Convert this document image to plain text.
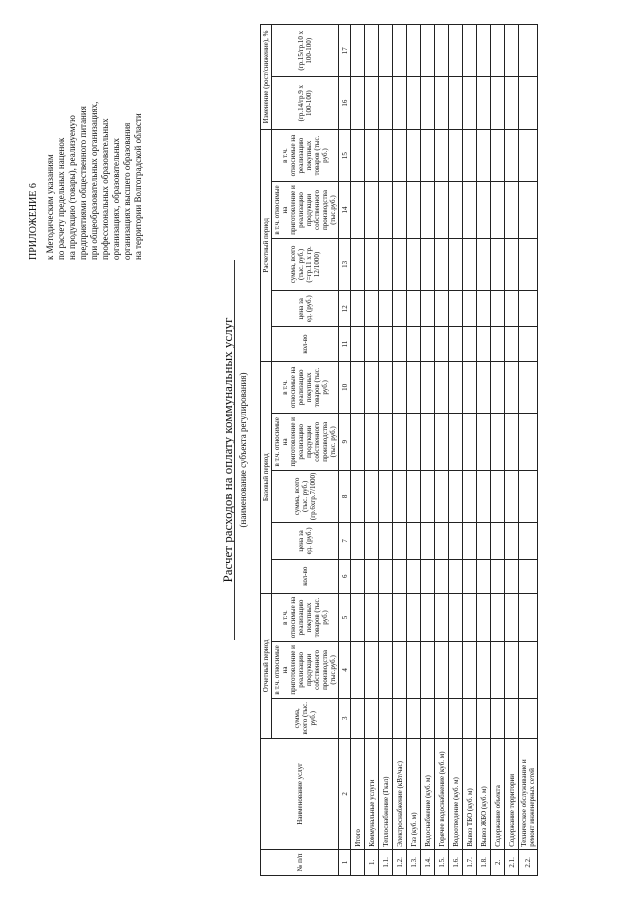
ПРИЛОЖЕНИЕ 6 к Методическим указаниям по расчету предельных наценок на продукцию (товары), реализуемую предприятиями общественного питания при общеобразовательных организациях, профессиональных образовательных организациях, образовательных организациях высшего образования на территории Волгоградской области
Расчет расходов на оплату коммунальных услуг (наименование субъекта регулирования)
№ п/п	Наименование услуг	Отчетный период			Базовый период					Расчетный период					Изменение (рост/снижение), %	
		сумма, всего (тыс. руб.)	в т.ч. относимые на приготовление и реализацию продукции собственного производства (тыс.руб.)	в т.ч. относимые на реализацию покупных товаров (тыс. руб.)	кол-во	цена за ед. (руб.)	сумма, всего (тыс. руб.) (гр.6хгр.7/1000)	в т.ч. относимые на приготовление и реализацию продукции собственного производства (тыс. руб.)	в т.ч. относимые на реализацию покупных товаров (тыс. руб.)	кол-во	цена за ед. (руб.)	сумма, всего (тыс. руб.) (=гр.11 x гр. 12/1000)	в т.ч. относимые на приготовление и реализацию продукции собственного производства (тыс.руб.)	в т.ч. относимые на реализацию покупных товаров (тыс. руб.)	(гр.14/гр.9 x 100-100)	(гр.15/гр.10 x 100-100)
1	2	3	4	5	6	7	8	9	10	11	12	13	14	15	16	17
	Итого															
1.	Коммунальные услуги															
1.1.	Теплоснабжение (Гкал)															
1.2.	Электроснабжение (кВт/час)															
1.3.	Газ (куб. м)															
1.4.	Водоснабжение (куб. м)															
1.5.	Горячее водоснабжение (куб. м)															
1.6.	Водоотведение (куб. м)															
1.7.	Вывоз ТБО (куб. м)															
1.8.	Вывоз ЖБО (куб. м)															
2.	Содержание объекта															
2.1.	Содержание территории															
2.2.	Техническое обслуживание и ремонт инженерных сетей															
